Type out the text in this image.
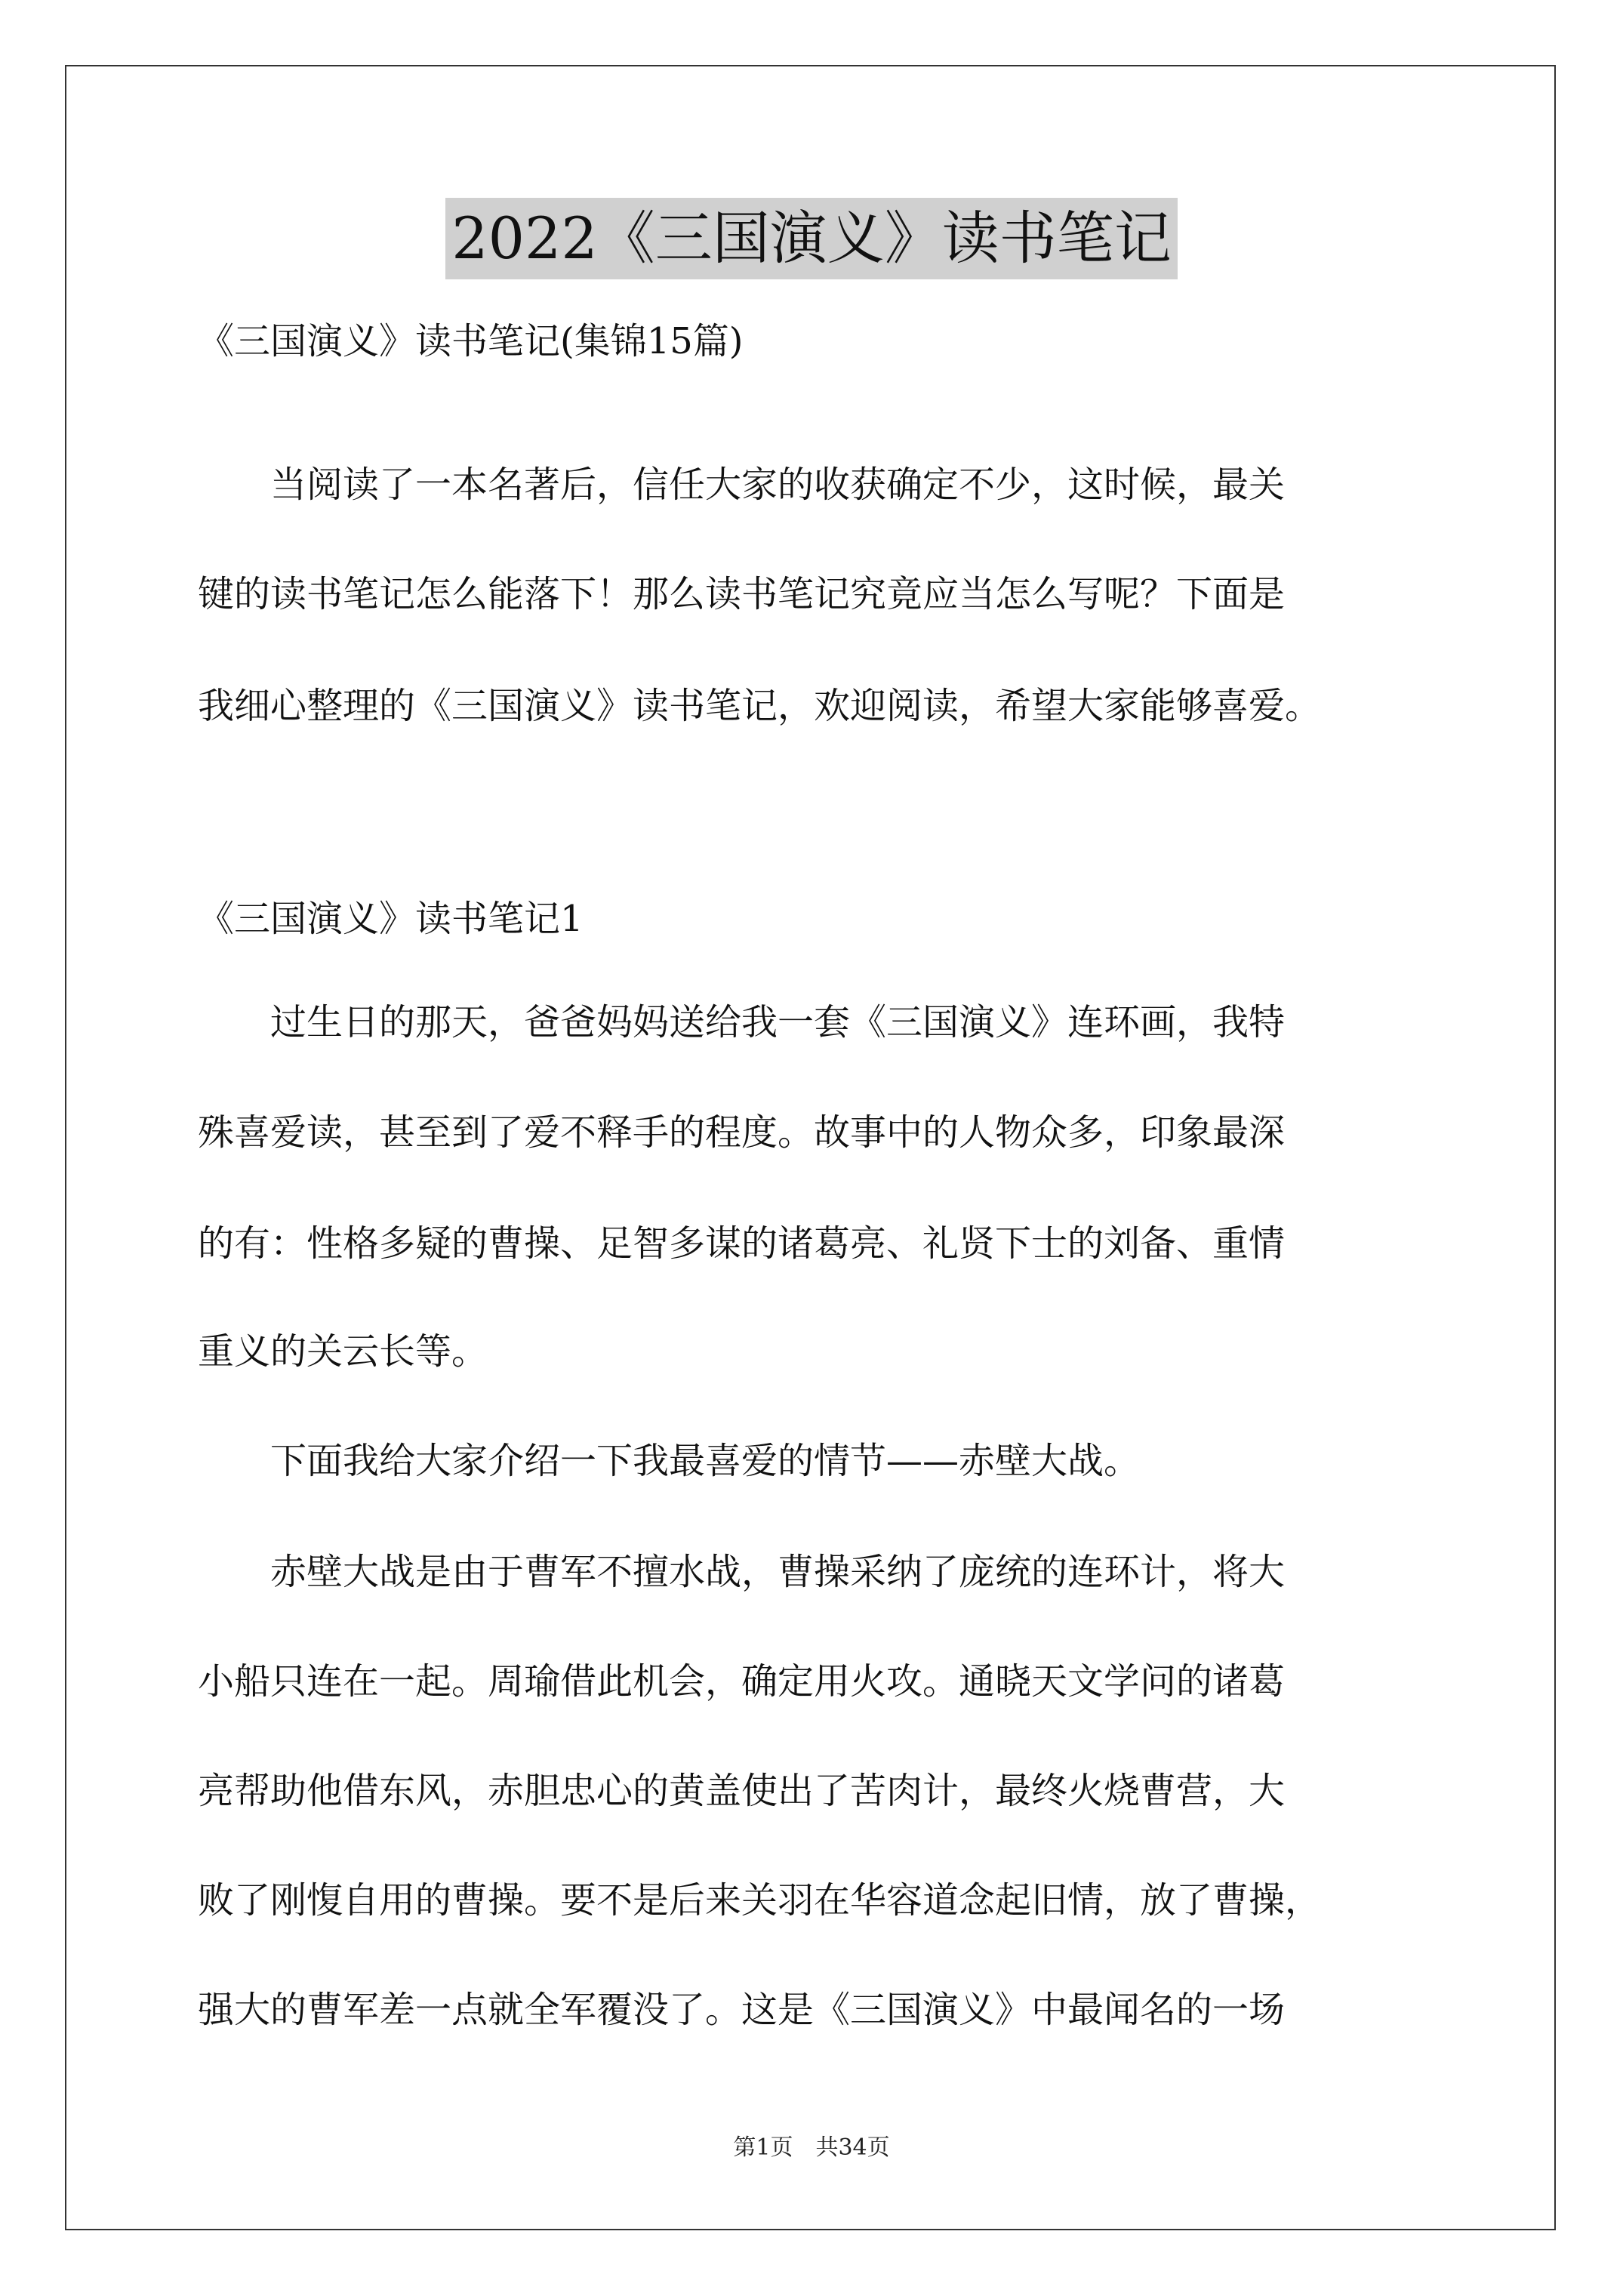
2022《三国演义》读书笔记
《三国演义》读书笔记(集锦15篇)
　　当阅读了一本名著后，信任大家的收获确定不少，这时候，最关
键的读书笔记怎么能落下！那么读书笔记究竟应当怎么写呢？下面是
我细心整理的《三国演义》读书笔记，欢迎阅读，希望大家能够喜爱。
《三国演义》读书笔记1
　　过生日的那天，爸爸妈妈送给我一套《三国演义》连环画，我特
殊喜爱读，甚至到了爱不释手的程度。故事中的人物众多，印象最深
的有：性格多疑的曹操、足智多谋的诸葛亮、礼贤下士的刘备、重情
重义的关云长等。
　　下面我给大家介绍一下我最喜爱的情节——赤壁大战。
　　赤壁大战是由于曹军不擅水战，曹操采纳了庞统的连环计，将大
小船只连在一起。周瑜借此机会，确定用火攻。通晓天文学问的诸葛
亮帮助他借东风，赤胆忠心的黄盖使出了苦肉计，最终火烧曹营，大
败了刚愎自用的曹操。要不是后来关羽在华容道念起旧情，放了曹操，
强大的曹军差一点就全军覆没了。这是《三国演义》中最闻名的一场
第1页　共34页
